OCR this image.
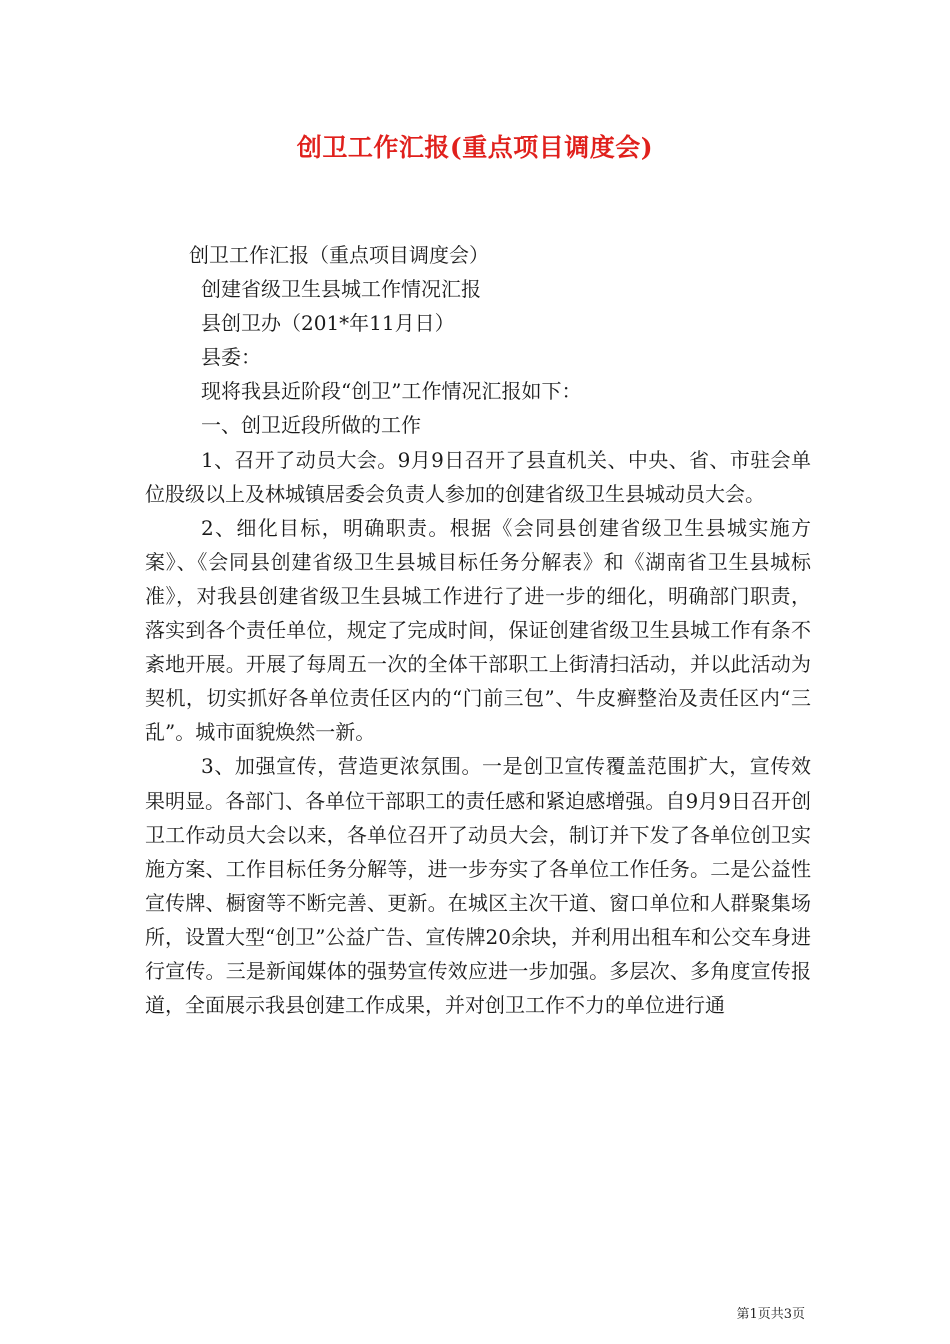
创卫工作汇报(重点项目调度会)

创卫工作汇报（重点项目调度会）

创建省级卫生县城工作情况汇报

县创卫办（201*年11月日）

县委：

现将我县近阶段“创卫”工作情况汇报如下：

一、创卫近段所做的工作

1、召开了动员大会。9月9日召开了县直机关、中央、省、市驻会单位股级以上及林城镇居委会负责人参加的创建省级卫生县城动员大会。

2、细化目标，明确职责。根据《会同县创建省级卫生县城实施方案》、《会同县创建省级卫生县城目标任务分解表》和《湖南省卫生县城标准》，对我县创建省级卫生县城工作进行了进一步的细化，明确部门职责，落实到各个责任单位，规定了完成时间，保证创建省级卫生县城工作有条不紊地开展。开展了每周五一次的全体干部职工上街清扫活动，并以此活动为契机，切实抓好各单位责任区内的“门前三包”、牛皮癣整治及责任区内“三乱”。城市面貌焕然一新。

3、加强宣传，营造更浓氛围。一是创卫宣传覆盖范围扩大，宣传效果明显。各部门、各单位干部职工的责任感和紧迫感增强。自9月9日召开创卫工作动员大会以来，各单位召开了动员大会，制订并下发了各单位创卫实施方案、工作目标任务分解等，进一步夯实了各单位工作任务。二是公益性宣传牌、橱窗等不断完善、更新。在城区主次干道、窗口单位和人群聚集场所，设置大型“创卫”公益广告、宣传牌20余块，并利用出租车和公交车身进行宣传。三是新闻媒体的强势宣传效应进一步加强。多层次、多角度宣传报道，全面展示我县创建工作成果，并对创卫工作不力的单位进行通

第1页共3页
